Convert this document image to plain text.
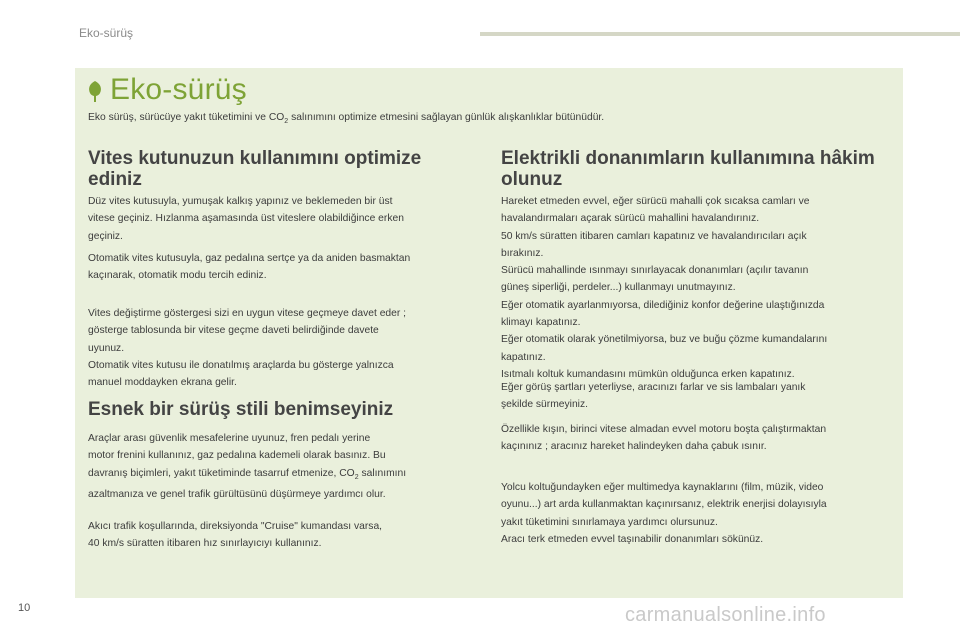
Eko-sürüş
Eko-sürüş
Eko sürüş, sürücüye yakıt tüketimini ve $CO_2$ salınımını optimize etmesini sağlayan günlük alışkanlıklar bütünüdür.
Vites kutunuzun kullanımını optimize
ediniz

Düz vites kutusuyla, yumuşak kalkış yapınız ve beklemeden bir üst
vitese geçiniz. Hızlanma aşamasında üst viteslere olabildiğince erken
geçiniz.

Otomatik vites kutusuyla, gaz pedalına sertçe ya da aniden basmaktan
kaçınarak, otomatik modu tercih ediniz.

Vites değiştirme göstergesi sizi en uygun vitese geçmeye davet eder ;
gösterge tablosunda bir vitese geçme daveti belirdiğinde davete
uyunuz.
Otomatik vites kutusu ile donatılmış araçlarda bu gösterge yalnızca
manuel moddayken ekrana gelir.

Esnek bir sürüş stili benimseyiniz

Araçlar arası güvenlik mesafelerine uyunuz, fren pedalı yerine
motor frenini kullanınız, gaz pedalına kademeli olarak basınız. Bu
davranış biçimleri, yakıt tüketiminde tasarruf etmenize, $CO_2$ salınımını
azaltmanıza ve genel trafik gürültüsünü düşürmeye yardımcı olur.

Akıcı trafik koşullarında, direksiyonda "Cruise" kumandası varsa,
40 km/s süratten itibaren hız sınırlayıcıyı kullanınız.

Elektrikli donanımların kullanımına hâkim
olunuz

Hareket etmeden evvel, eğer sürücü mahalli çok sıcaksa camları ve
havalandırmaları açarak sürücü mahallini havalandırınız.
50 km/s süratten itibaren camları kapatınız ve havalandırıcıları açık
bırakınız.
Sürücü mahallinde ısınmayı sınırlayacak donanımları (açılır tavanın
güneş siperliği, perdeler...) kullanmayı unutmayınız.
Eğer otomatik ayarlanmıyorsa, dilediğiniz konfor değerine ulaştığınızda
klimayı kapatınız.
Eğer otomatik olarak yönetilmiyorsa, buz ve buğu çözme kumandalarını
kapatınız.
Isıtmalı koltuk kumandasını mümkün olduğunca erken kapatınız.

Eğer görüş şartları yeterliyse, aracınızı farlar ve sis lambaları yanık
şekilde sürmeyiniz.

Özellikle kışın, birinci vitese almadan evvel motoru boşta çalıştırmaktan
kaçınınız ; aracınız hareket halindeyken daha çabuk ısınır.

Yolcu koltuğundayken eğer multimedya kaynaklarını (film, müzik, video
oyunu...) art arda kullanmaktan kaçınırsanız, elektrik enerjisi dolayısıyla
yakıt tüketimini sınırlamaya yardımcı olursunuz.
Aracı terk etmeden evvel taşınabilir donanımları sökünüz.

10	carmanualsonline.info
